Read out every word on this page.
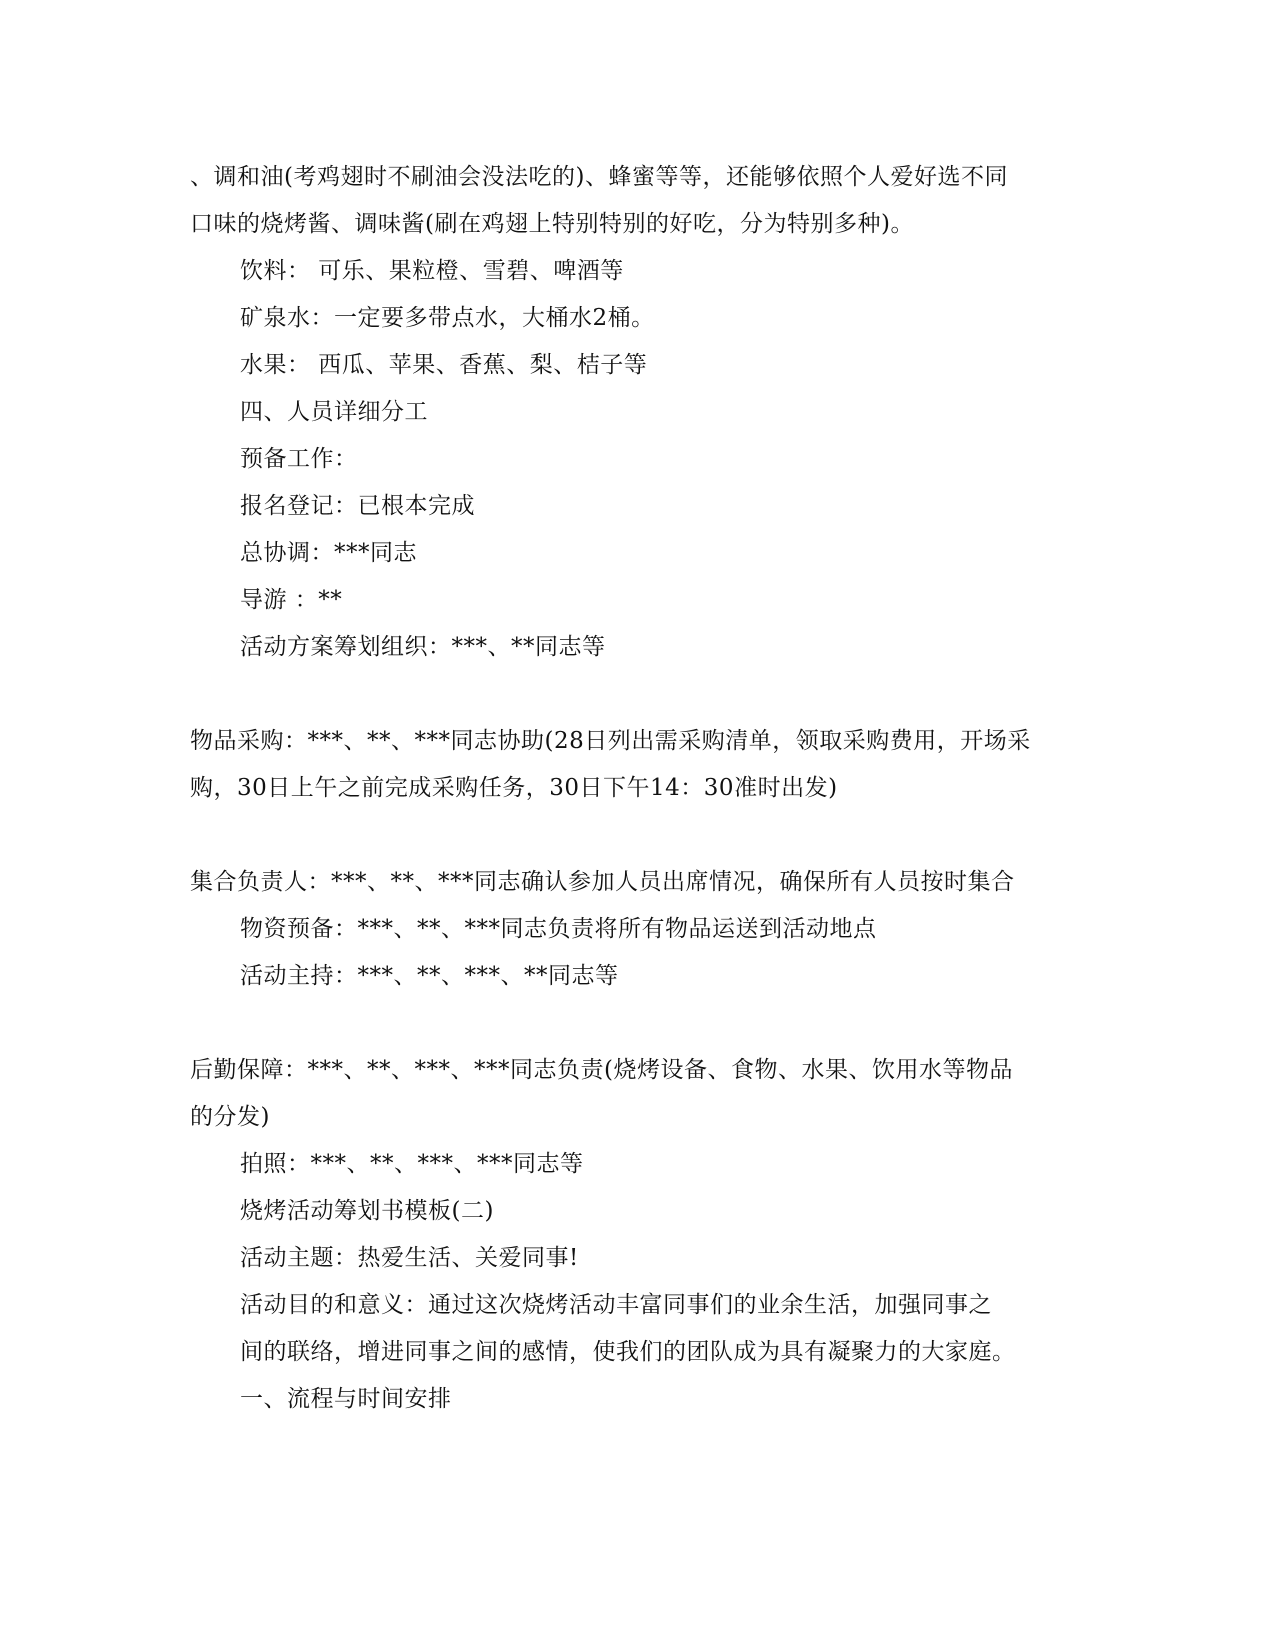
、调和油(考鸡翅时不刷油会没法吃的)、蜂蜜等等，还能够依照个人爱好选不同
口味的烧烤酱、调味酱(刷在鸡翅上特别特别的好吃，分为特别多种)。
饮料： 可乐、果粒橙、雪碧、啤酒等
矿泉水：一定要多带点水，大桶水2桶。
水果： 西瓜、苹果、香蕉、梨、桔子等
四、人员详细分工
预备工作：
报名登记：已根本完成
总协调：***同志
导游 ：**
活动方案筹划组织：***、**同志等
物品采购：***、**、***同志协助(28日列出需采购清单，领取采购费用，开场采
购，30日上午之前完成采购任务，30日下午14：30准时出发)
集合负责人：***、**、***同志确认参加人员出席情况，确保所有人员按时集合
物资预备：***、**、***同志负责将所有物品运送到活动地点
活动主持：***、**、***、**同志等
后勤保障：***、**、***、***同志负责(烧烤设备、食物、水果、饮用水等物品
的分发)
拍照：***、**、***、***同志等
烧烤活动筹划书模板(二)
活动主题：热爱生活、关爱同事!
活动目的和意义：通过这次烧烤活动丰富同事们的业余生活，加强同事之
间的联络，增进同事之间的感情，使我们的团队成为具有凝聚力的大家庭。
一、流程与时间安排
